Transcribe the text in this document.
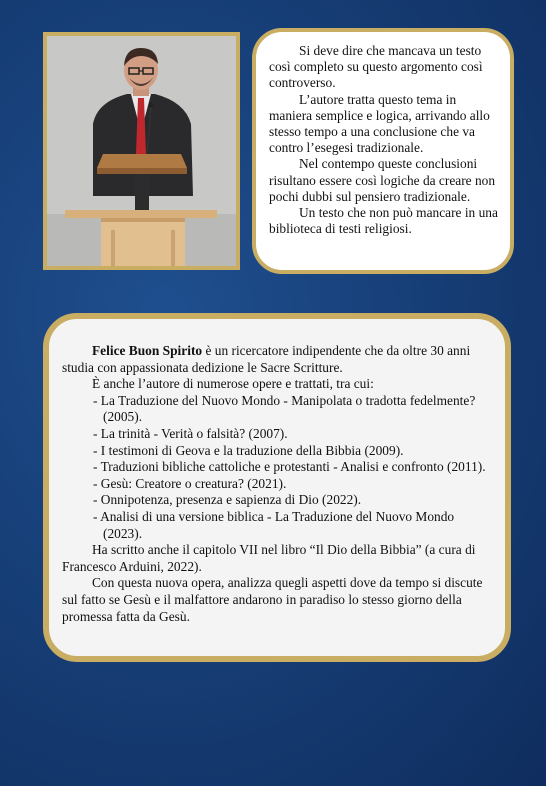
Si deve dire che mancava un testo così completo su questo argomento così controverso.

L’autore tratta questo tema in maniera semplice e logica, arrivando allo stesso tempo a una conclusione che va contro l’esegesi tradizionale.

Nel contempo queste conclusioni risultano essere così logiche da creare non pochi dubbi sul pensiero tradizionale.

Un testo che non può mancare in una biblioteca di testi religiosi.

Felice Buon Spirito è un ricercatore indipendente che da oltre 30 anni studia con appassionata dedizione le Sacre Scritture.

È anche l’autore di numerose opere e trattati, tra cui:

- La Traduzione del Nuovo Mondo - Manipolata o tradotta fedelmente? (2005).
- La trinità - Verità o falsità? (2007).
- I testimoni di Geova e la traduzione della Bibbia (2009).
- Traduzioni bibliche cattoliche e protestanti - Analisi e confronto (2011).
- Gesù: Creatore o creatura? (2021).
- Onnipotenza, presenza e sapienza di Dio (2022).
- Analisi di una versione biblica - La Traduzione del Nuovo Mondo (2023).

Ha scritto anche il capitolo VII nel libro “Il Dio della Bibbia” (a cura di Francesco Arduini, 2022).

Con questa nuova opera, analizza quegli aspetti dove da tempo si discute sul fatto se Gesù e il malfattore andarono in paradiso lo stesso giorno della promessa fatta da Gesù.
